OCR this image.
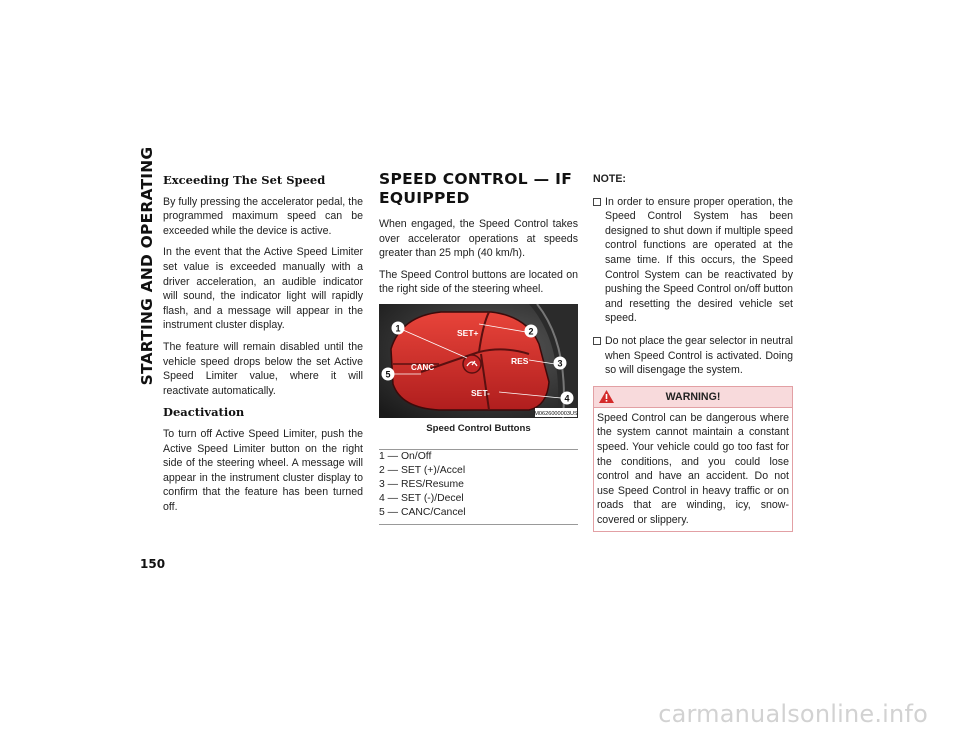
STARTING AND OPERATING Exceeding The Set Speed

By fully pressing the accelerator pedal, the programmed maximum speed can be exceeded while the device is active.

In the event that the Active Speed Limiter set value is exceeded manually with a driver acceleration, an audible indicator will sound, the indicator light will rapidly flash, and a message will appear in the instrument cluster display.

The feature will remain disabled until the vehicle speed drops below the set Active Speed Limiter value, where it will reactivate automatically.

Deactivation

To turn off Active Speed Limiter, push the Active Speed Limiter button on the right side of the steering wheel. A message will appear in the instrument cluster display to confirm that the feature has been turned off.

SPEED CONTROL — IF EQUIPPED

When engaged, the Speed Control takes over accelerator operations at speeds greater than 25 mph (40 km/h).

The Speed Control buttons are located on the right side of the steering wheel.

SET+
RES
CANC
SET-
1	2
3
4
5
M0626000003US
Speed Control Buttons
1 — On/Off
2 — SET (+)/Accel
3 — RES/Resume
4 — SET (-)/Decel
5 — CANC/Cancel
NOTE:
In order to ensure proper operation, the Speed Control System has been designed to shut down if multiple speed control functions are operated at the same time. If this occurs, the Speed Control System can be reactivated by pushing the Speed Control on/off button and resetting the desired vehicle set speed.
Do not place the gear selector in neutral when Speed Control is activated. Doing so will disengage the system.
WARNING!
Speed Control can be dangerous where the system cannot maintain a constant speed. Your vehicle could go too fast for the conditions, and you could lose control and have an accident. Do not use Speed Control in heavy traffic or on roads that are winding, icy, snow-covered or slippery.
150
carmanualsonline.info
